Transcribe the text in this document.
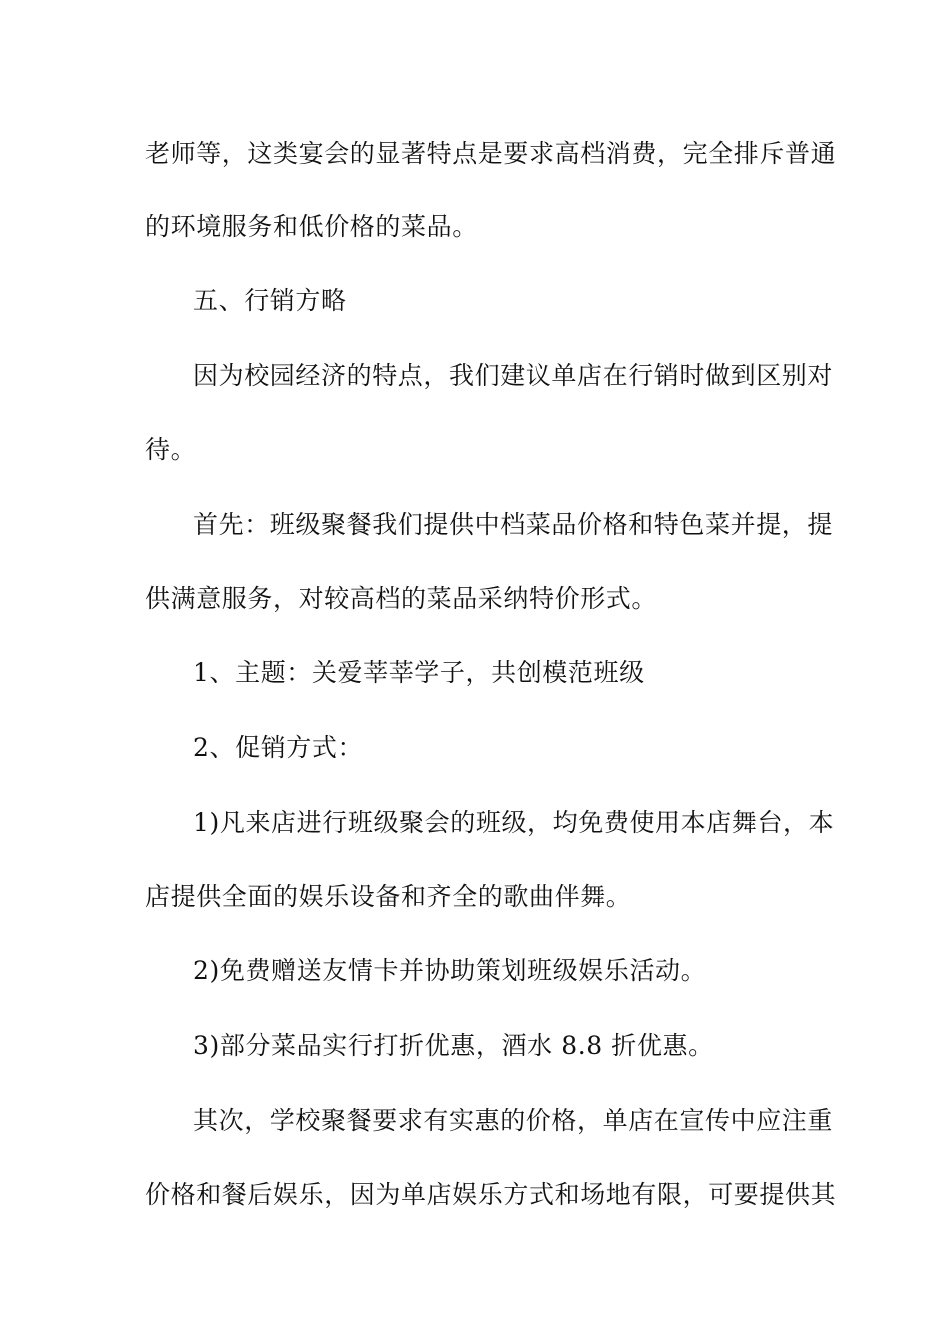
老师等，这类宴会的显著特点是要求高档消费，完全排斥普通
的环境服务和低价格的菜品。
五、行销方略
因为校园经济的特点，我们建议单店在行销时做到区别对
待。
首先：班级聚餐我们提供中档菜品价格和特色菜并提，提
供满意服务，对较高档的菜品采纳特价形式。
1、主题：关爱莘莘学子，共创模范班级
2、促销方式：
1)凡来店进行班级聚会的班级，均免费使用本店舞台，本
店提供全面的娱乐设备和齐全的歌曲伴舞。
2)免费赠送友情卡并协助策划班级娱乐活动。
3)部分菜品实行打折优惠，酒水 8.8 折优惠。
其次，学校聚餐要求有实惠的价格，单店在宣传中应注重
价格和餐后娱乐，因为单店娱乐方式和场地有限，可要提供其
